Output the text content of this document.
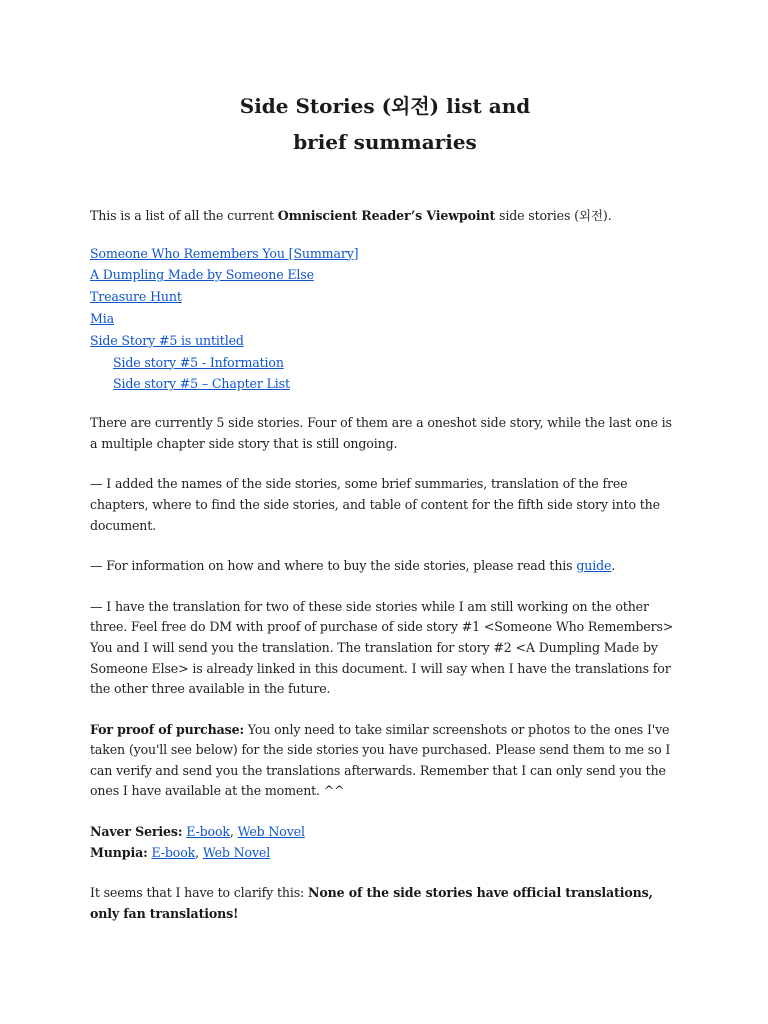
Side Stories (외전) list and
brief summaries

This is a list of all the current Omniscient Reader’s Viewpoint side stories (외전).

Someone Who Remembers You [Summary]
A Dumpling Made by Someone Else
Treasure Hunt
Mia
Side Story #5 is untitled
Side story #5 - Information
Side story #5 – Chapter List

There are currently 5 side stories. Four of them are a oneshot side story, while the last one is a multiple chapter side story that is still ongoing.

— I added the names of the side stories, some brief summaries, translation of the free chapters, where to find the side stories, and table of content for the fifth side story into the document.

— For information on how and where to buy the side stories, please read this guide.

— I have the translation for two of these side stories while I am still working on the other three. Feel free do DM with proof of purchase of side story #1 <Someone Who Remembers> You and I will send you the translation. The translation for story #2 <A Dumpling Made by Someone Else> is already linked in this document. I will say when I have the translations for the other three available in the future.

For proof of purchase: You only need to take similar screenshots or photos to the ones I've taken (you'll see below) for the side stories you have purchased. Please send them to me so I can verify and send you the translations afterwards. Remember that I can only send you the ones I have available at the moment. ^^

Naver Series: E-book, Web Novel
Munpia: E-book, Web Novel

It seems that I have to clarify this: None of the side stories have official translations, only fan translations!
